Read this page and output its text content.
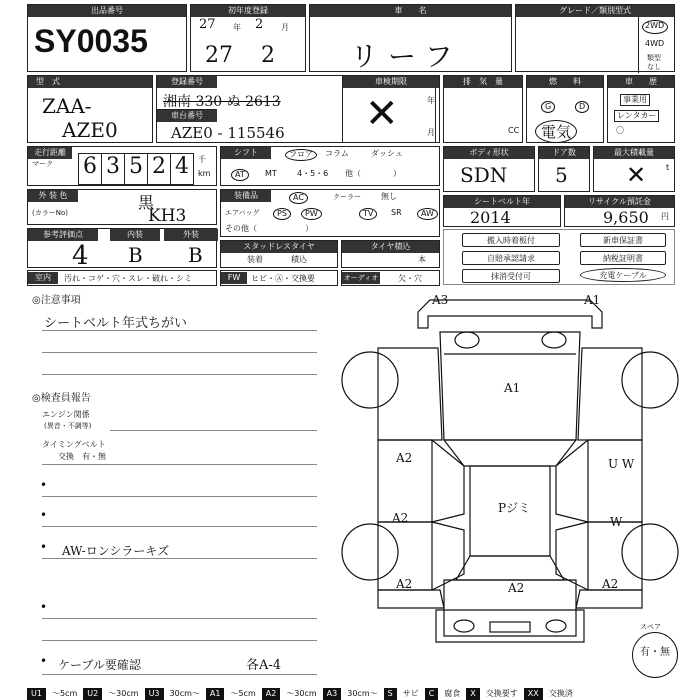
出品番号
SY0035
初年度登録
27 年 2 月
27 2
車　　名
リーフ
グレード／類別型式
2WD
4WD
類型
なし
型　式
ZAA-
AZE0
登録番号
湘南 330 ぬ 2613
車台番号
AZE0 - 115546
車検期限
✕	年
月
排　気　量
CC
燃　　料
G	D
電気
車　　歴
事業用
レンタカー
〇
走行距離
マーク 6 3 5 2 4	千
km
シフト	フロア	コラム	ダッシュ
AT	MT	4・5・6 他（　　　　）
ボディ形状
SDN
ドア数
5
最大積載量
✕ t
外 装 色
(カラーNo)
黒
KH3
装備品	AC	クーラー	無し
エアバッグ	PS	PW	TV	SR	AW
その他（　　　　　　）
シートベルト年
2014
リサイクル預託金
9,650 円
参考評価点
4
内装
B
外装
B	スタッドレスタイヤ
装着	積込
タイヤ積込
本
搬入時着板付	新車保証書
自賠承認請求	納税証明書
抹消受付可	充電ケーブル
室内	汚れ・コゲ・穴・スレ・破れ・シミ	FW	ヒビ・Ⓐ・交換要	オーディオ 欠・穴
◎注意事項
シートベルト年式ちがい
◎検査員報告
エンジン関係
(異音・不調等)
タイミングベルト
交換　有・無
•
•
• AW-ロンシラーキズ
•
• ケーブル要確認	各A-4
A3	A1
A1
A2
A2
A2	A2	A2
U W
W
Pジミ
スペア
有・無
U1 ～5cm U2 ～30cm U3 30cm～ A1 ～5cm A2 ～30cm A3 30cm～ S サビ C 腐食 X 交換要す XX 交換済
